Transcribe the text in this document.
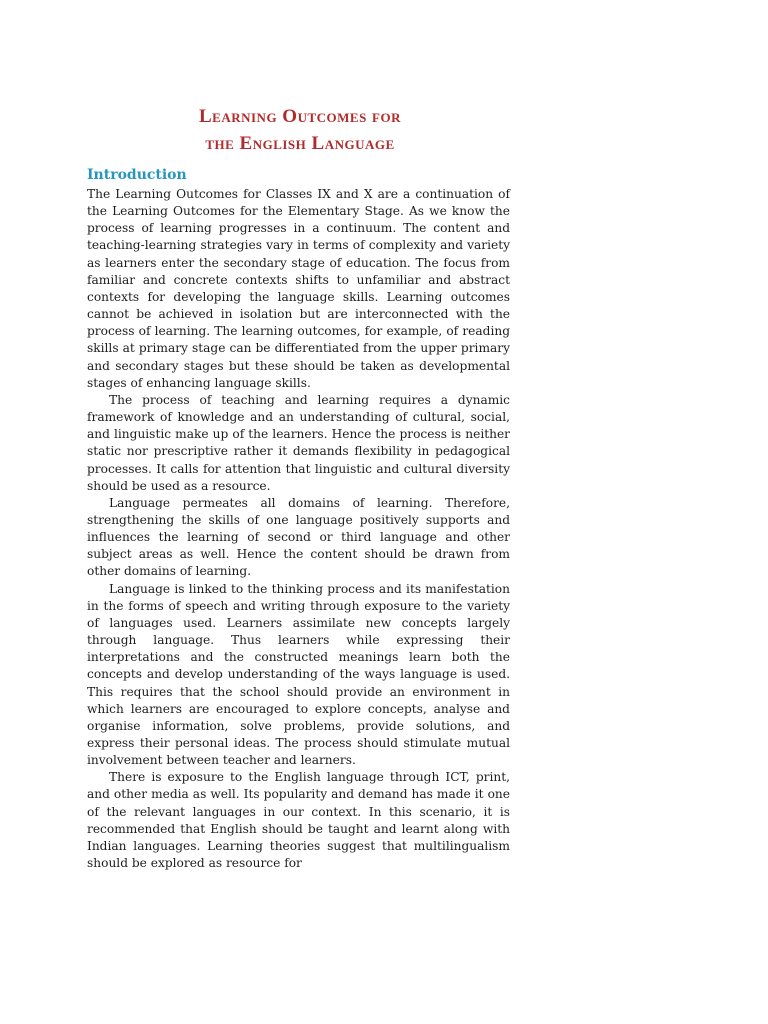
Learning Outcomes for
the English Language
Introduction

The Learning Outcomes for Classes IX and X are a continuation of the Learning Outcomes for the Elementary Stage. As we know the process of learning progresses in a continuum. The content and teaching-learning strategies vary in terms of complexity and variety as learners enter the secondary stage of education. The focus from familiar and concrete contexts shifts to unfamiliar and abstract contexts for developing the language skills. Learning outcomes cannot be achieved in isolation but are interconnected with the process of learning. The learning outcomes, for example, of reading skills at primary stage can be differentiated from the upper primary and secondary stages but these should be taken as developmental stages of enhancing language skills.

The process of teaching and learning requires a dynamic framework of knowledge and an understanding of cultural, social, and linguistic make up of the learners. Hence the process is neither static nor prescriptive rather it demands flexibility in pedagogical processes. It calls for attention that linguistic and cultural diversity should be used as a resource.

Language permeates all domains of learning. Therefore, strengthening the skills of one language positively supports and influences the learning of second or third language and other subject areas as well. Hence the content should be drawn from other domains of learning.

Language is linked to the thinking process and its manifestation in the forms of speech and writing through exposure to the variety of languages used. Learners assimilate new concepts largely through language. Thus learners while expressing their interpretations and the constructed meanings learn both the concepts and develop understanding of the ways language is used. This requires that the school should provide an environment in which learners are encouraged to explore concepts, analyse and organise information, solve problems, provide solutions, and express their personal ideas. The process should stimulate mutual involvement between teacher and learners.

There is exposure to the English language through ICT, print, and other media as well. Its popularity and demand has made it one of the relevant languages in our context. In this scenario, it is recommended that English should be taught and learnt along with Indian languages. Learning theories suggest that multilingualism should be explored as resource for
